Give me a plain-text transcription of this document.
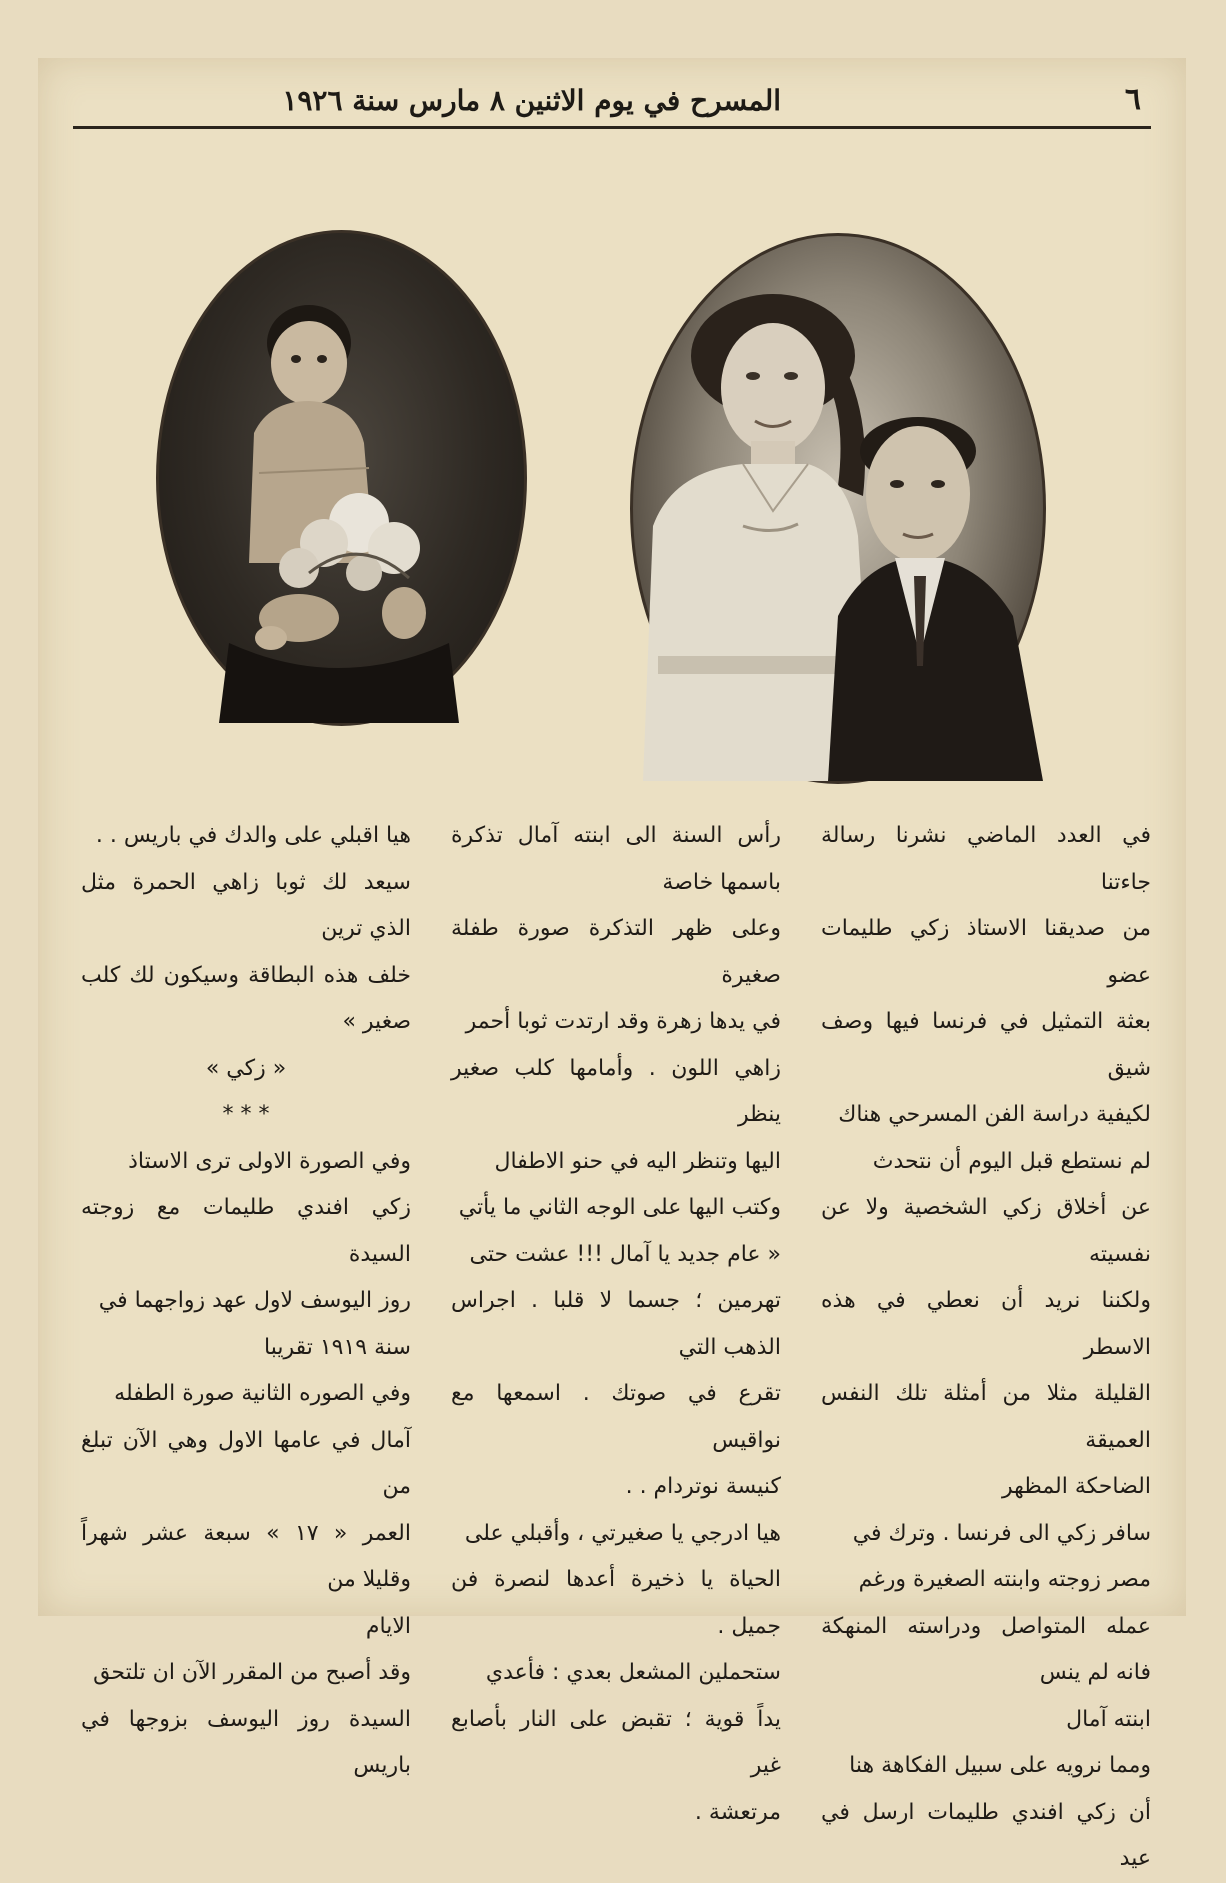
٦
المسرح في يوم الاثنين ٨ مارس سنة ١٩٢٦

في العدد الماضي نشرنا رسالة جاءتنا

من صديقنا الاستاذ زكي طليمات عضو

بعثة التمثيل في فرنسا فيها وصف شيق

لكيفية دراسة الفن المسرحي هناك

لم نستطع قبل اليوم أن نتحدث

عن أخلاق زكي الشخصية ولا عن نفسيته

ولكننا نريد أن نعطي في هذه الاسطر

القليلة مثلا من أمثلة تلك النفس العميقة

الضاحكة المظهر

سافر زكي الى فرنسا . وترك في

مصر زوجته وابنته الصغيرة ورغم

عمله المتواصل ودراسته المنهكة فانه لم ينس

ابنته آمال

ومما نرويه على سبيل الفكاهة هنا

أن زكي افندي طليمات ارسل في عيد

رأس السنة الى ابنته آمال تذكرة باسمها خاصة

وعلى ظهر التذكرة صورة طفلة صغيرة

في يدها زهرة وقد ارتدت ثوبا أحمر

زاهي اللون . وأمامها كلب صغير ينظر

اليها وتنظر اليه في حنو الاطفال

وكتب اليها على الوجه الثاني ما يأتي

« عام جديد يا آمال !!! عشت حتى

تهرمين ؛ جسما لا قلبا . اجراس الذهب التي

تقرع في صوتك . اسمعها مع نواقيس

كنيسة نوتردام . .

هيا ادرجي يا صغيرتي ، وأقبلي على

الحياة يا ذخيرة أعدها لنصرة فن جميل .

ستحملين المشعل بعدي : فأعدي

يداً قوية ؛ تقبض على النار بأصابع غير

مرتعشة .

هيا اقبلي على والدك في باريس . .

سيعد لك ثوبا زاهي الحمرة مثل الذي ترين

خلف هذه البطاقة وسيكون لك كلب صغير »

« زكي »

* * *

وفي الصورة الاولى ترى الاستاذ

زكي افندي طليمات مع زوجته السيدة

روز اليوسف لاول عهد زواجهما في

سنة ١٩١٩ تقريبا

وفي الصوره الثانية صورة الطفله

آمال في عامها الاول وهي الآن تبلغ من

العمر « ١٧ » سبعة عشر شهراً وقليلا من

الايام

وقد أصبح من المقرر الآن ان تلتحق

السيدة روز اليوسف بزوجها في باريس
